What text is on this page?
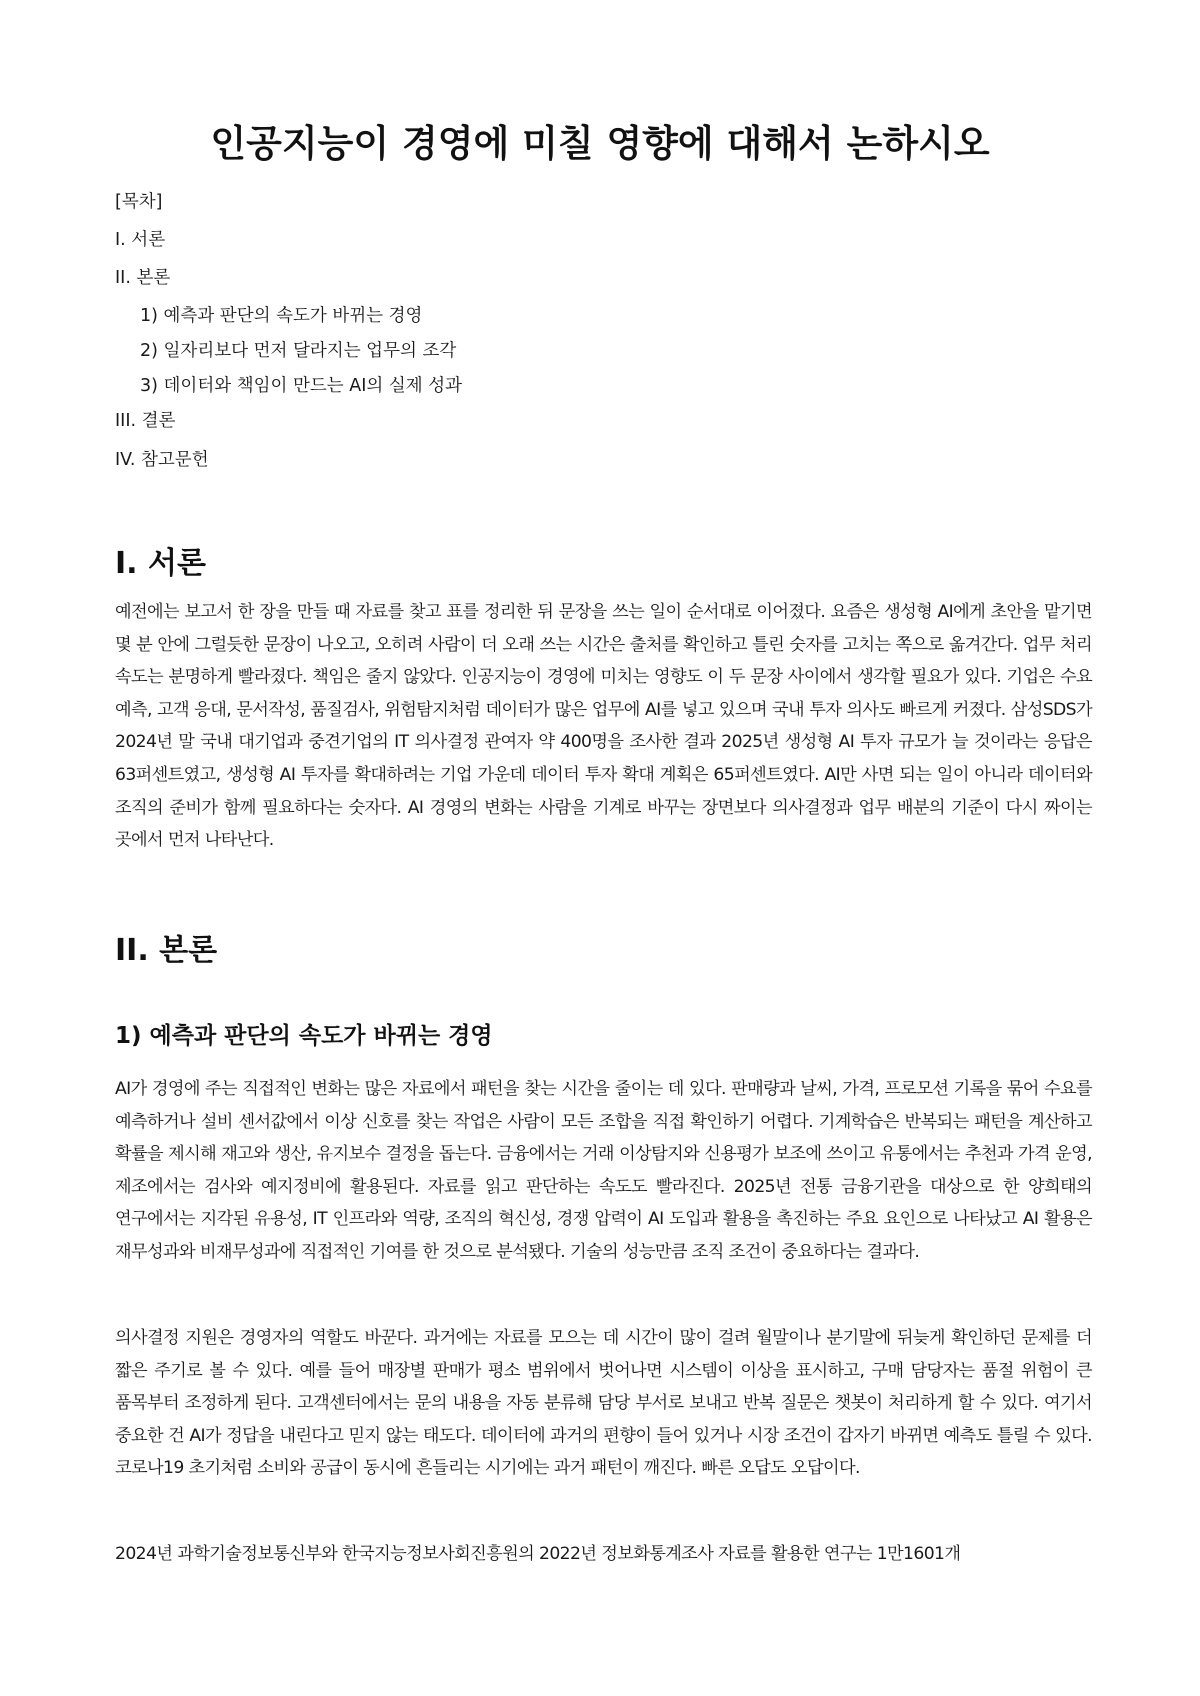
인공지능이 경영에 미칠 영향에 대해서 논하시오

[목차]

I. 서론

II. 본론

1) 예측과 판단의 속도가 바뀌는 경영

2) 일자리보다 먼저 달라지는 업무의 조각

3) 데이터와 책임이 만드는 AI의 실제 성과

III. 결론

IV. 참고문헌

I. 서론

예전에는 보고서 한 장을 만들 때 자료를 찾고 표를 정리한 뒤 문장을 쓰는 일이 순서대로 이어졌다. 요즘은 생성형 AI에게 초안을 맡기면 몇 분 안에 그럴듯한 문장이 나오고, 오히려 사람이 더 오래 쓰는 시간은 출처를 확인하고 틀린 숫자를 고치는 쪽으로 옮겨간다. 업무 처리 속도는 분명하게 빨라졌다. 책임은 줄지 않았다. 인공지능이 경영에 미치는 영향도 이 두 문장 사이에서 생각할 필요가 있다. 기업은 수요 예측, 고객 응대, 문서작성, 품질검사, 위험탐지처럼 데이터가 많은 업무에 AI를 넣고 있으며 국내 투자 의사도 빠르게 커졌다. 삼성SDS가 2024년 말 국내 대기업과 중견기업의 IT 의사결정 관여자 약 400명을 조사한 결과 2025년 생성형 AI 투자 규모가 늘 것이라는 응답은 63퍼센트였고, 생성형 AI 투자를 확대하려는 기업 가운데 데이터 투자 확대 계획은 65퍼센트였다. AI만 사면 되는 일이 아니라 데이터와 조직의 준비가 함께 필요하다는 숫자다. AI 경영의 변화는 사람을 기계로 바꾸는 장면보다 의사결정과 업무 배분의 기준이 다시 짜이는 곳에서 먼저 나타난다.

II. 본론
1) 예측과 판단의 속도가 바뀌는 경영

AI가 경영에 주는 직접적인 변화는 많은 자료에서 패턴을 찾는 시간을 줄이는 데 있다. 판매량과 날씨, 가격, 프로모션 기록을 묶어 수요를 예측하거나 설비 센서값에서 이상 신호를 찾는 작업은 사람이 모든 조합을 직접 확인하기 어렵다. 기계학습은 반복되는 패턴을 계산하고 확률을 제시해 재고와 생산, 유지보수 결정을 돕는다. 금융에서는 거래 이상탐지와 신용평가 보조에 쓰이고 유통에서는 추천과 가격 운영, 제조에서는 검사와 예지정비에 활용된다. 자료를 읽고 판단하는 속도도 빨라진다. 2025년 전통 금융기관을 대상으로 한 양희태의 연구에서는 지각된 유용성, IT 인프라와 역량, 조직의 혁신성, 경쟁 압력이 AI 도입과 활용을 촉진하는 주요 요인으로 나타났고 AI 활용은 재무성과와 비재무성과에 직접적인 기여를 한 것으로 분석됐다. 기술의 성능만큼 조직 조건이 중요하다는 결과다.

의사결정 지원은 경영자의 역할도 바꾼다. 과거에는 자료를 모으는 데 시간이 많이 걸려 월말이나 분기말에 뒤늦게 확인하던 문제를 더 짧은 주기로 볼 수 있다. 예를 들어 매장별 판매가 평소 범위에서 벗어나면 시스템이 이상을 표시하고, 구매 담당자는 품절 위험이 큰 품목부터 조정하게 된다. 고객센터에서는 문의 내용을 자동 분류해 담당 부서로 보내고 반복 질문은 챗봇이 처리하게 할 수 있다. 여기서 중요한 건 AI가 정답을 내린다고 믿지 않는 태도다. 데이터에 과거의 편향이 들어 있거나 시장 조건이 갑자기 바뀌면 예측도 틀릴 수 있다. 코로나19 초기처럼 소비와 공급이 동시에 흔들리는 시기에는 과거 패턴이 깨진다. 빠른 오답도 오답이다.

2024년 과학기술정보통신부와 한국지능정보사회진흥원의 2022년 정보화통계조사 자료를 활용한 연구는 1만1601개
